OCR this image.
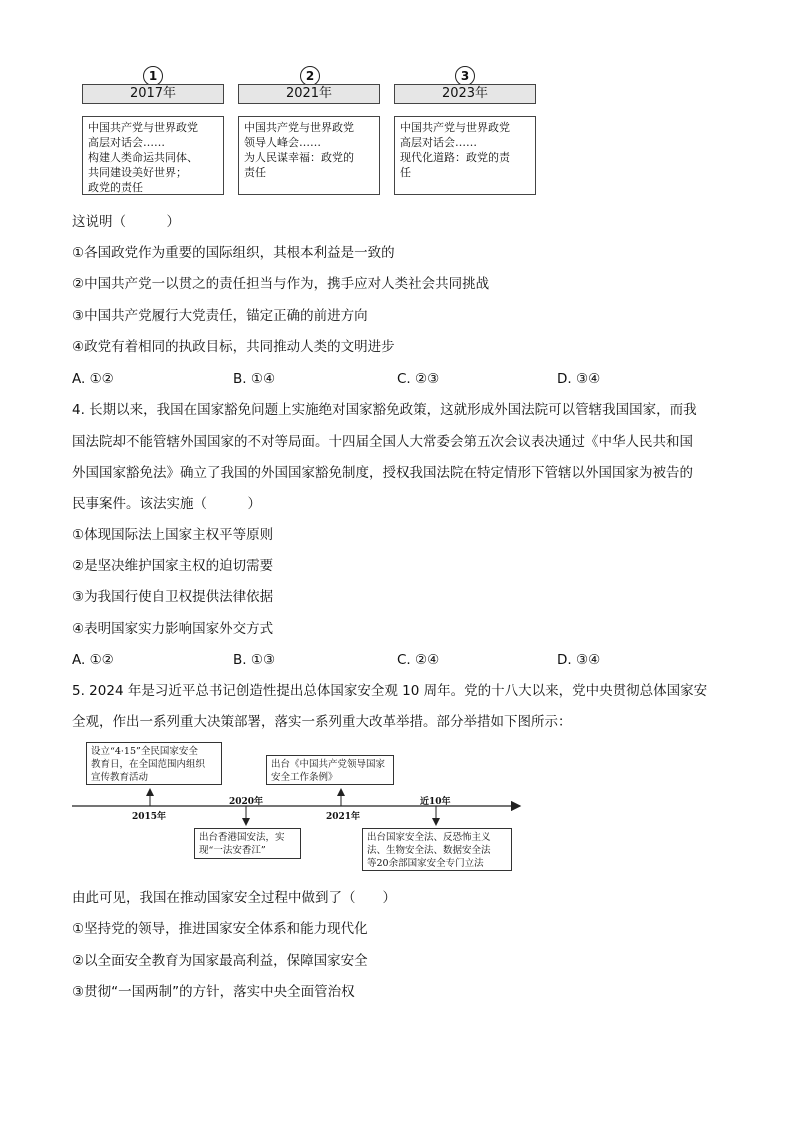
1
2017年
中国共产党与世界政党
高层对话会……
构建人类命运共同体、
共同建设美好世界；
政党的责任
2
2021年
中国共产党与世界政党
领导人峰会……
为人民谋幸福：政党的
责任
3
2023年
中国共产党与世界政党
高层对话会……
现代化道路：政党的责
任
这说明（　　　）
①各国政党作为重要的国际组织，其根本利益是一致的
②中国共产党一以贯之的责任担当与作为，携手应对人类社会共同挑战
③中国共产党履行大党责任，锚定正确的前进方向
④政党有着相同的执政目标，共同推动人类的文明进步
A. ①②	B. ①④	C. ②③	D. ③④
4. 长期以来，我国在国家豁免问题上实施绝对国家豁免政策，这就形成外国法院可以管辖我国国家，而我
国法院却不能管辖外国国家的不对等局面。十四届全国人大常委会第五次会议表决通过《中华人民共和国
外国国家豁免法》确立了我国的外国国家豁免制度，授权我国法院在特定情形下管辖以外国国家为被告的
民事案件。该法实施（　　　）
①体现国际法上国家主权平等原则
②是坚决维护国家主权的迫切需要
③为我国行使自卫权提供法律依据
④表明国家实力影响国家外交方式
A. ①②	B. ①③	C. ②④	D. ③④
5. 2024 年是习近平总书记创造性提出总体国家安全观 10 周年。党的十八大以来，党中央贯彻总体国家安
全观，作出一系列重大决策部署，落实一系列重大改革举措。部分举措如下图所示：
设立“4·15”全民国家安全
教育日，在全国范围内组织
宣传教育活动
出台《中国共产党领导国家
安全工作条例》
出台香港国安法，实
现“一法安香江”
出台国家安全法、反恐怖主义
法、生物安全法、数据安全法
等20余部国家安全专门立法
2015年
2020年
2021年
近10年
由此可见，我国在推动国家安全过程中做到了（　　）
①坚持党的领导，推进国家安全体系和能力现代化
②以全面安全教育为国家最高利益，保障国家安全
③贯彻“一国两制”的方针，落实中央全面管治权
